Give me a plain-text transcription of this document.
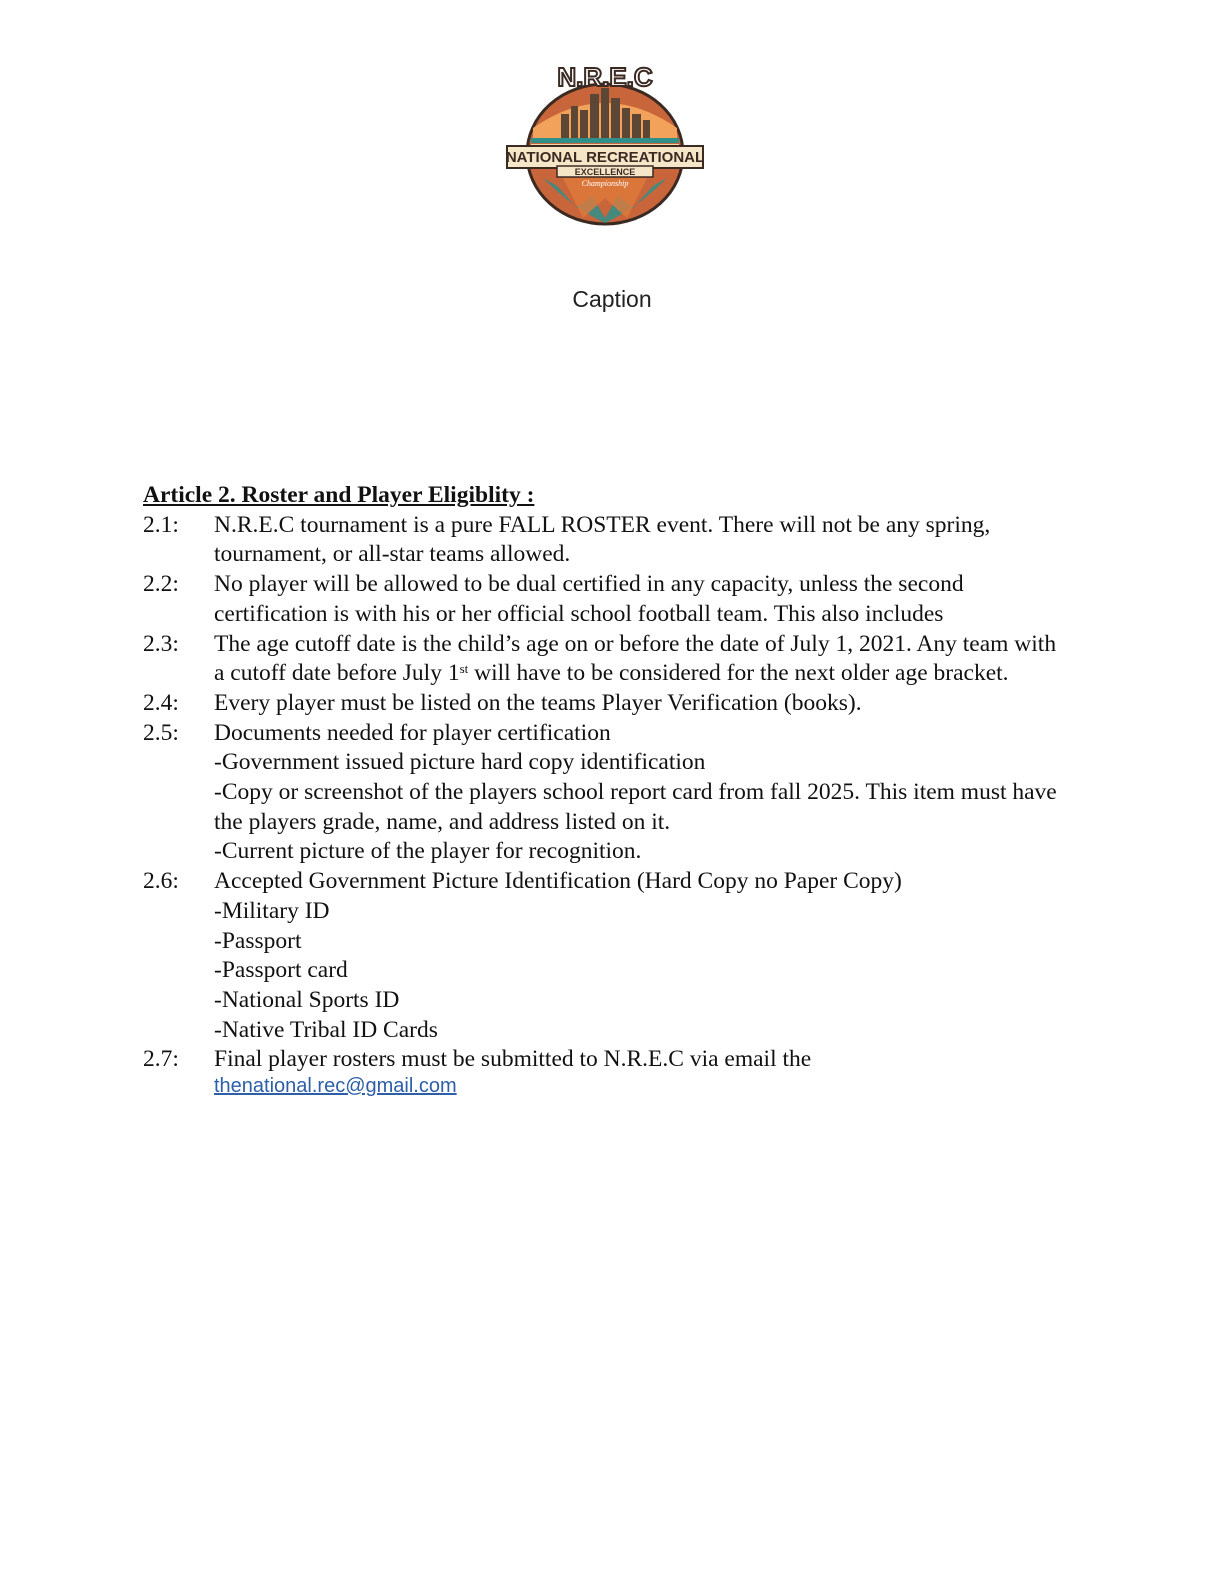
NATIONAL RECREATIONAL
EXCELLENCE
Championship
N.R.E.C
Caption
Article 2. Roster and Player Eligiblity :
2.1:	N.R.E.C tournament is a pure FALL ROSTER event. There will not be any spring,
tournament, or all-star teams allowed.
2.2:	No player will be allowed to be dual certified in any capacity, unless the second
certification is with his or her official school football team. This also includes
2.3:	The age cutoff date is the child’s age on or before the date of July 1, 2021. Any team with
a cutoff date before July 1st will have to be considered for the next older age bracket.
2.4:	Every player must be listed on the teams Player Verification (books).
2.5:	Documents needed for player certification
-Government issued picture hard copy identification
-Copy or screenshot of the players school report card from fall 2025. This item must have
the players grade, name, and address listed on it.
-Current picture of the player for recognition.
2.6:	Accepted Government Picture Identification (Hard Copy no Paper Copy)
-Military ID
-Passport
-Passport card
-National Sports ID
-Native Tribal ID Cards
2.7:	Final player rosters must be submitted to N.R.E.C via email the
thenational.rec@gmail.com
